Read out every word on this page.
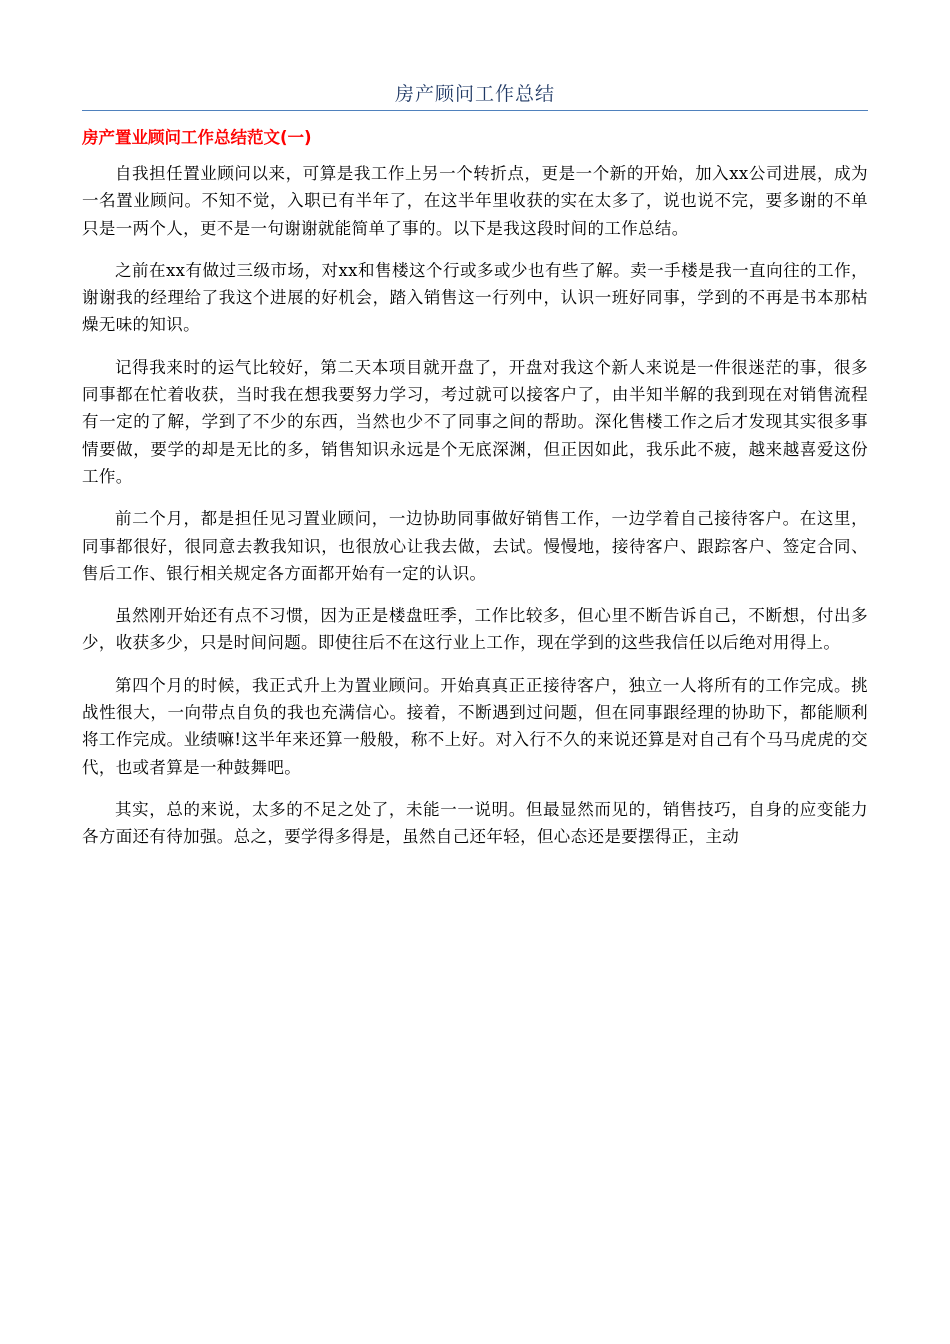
房产顾问工作总结
房产置业顾问工作总结范文(一)

自我担任置业顾问以来，可算是我工作上另一个转折点，更是一个新的开始，加入xx公司进展，成为一名置业顾问。不知不觉，入职已有半年了，在这半年里收获的实在太多了，说也说不完，要多谢的不单只是一两个人，更不是一句谢谢就能简单了事的。以下是我这段时间的工作总结。

之前在xx有做过三级市场，对xx和售楼这个行或多或少也有些了解。卖一手楼是我一直向往的工作，谢谢我的经理给了我这个进展的好机会，踏入销售这一行列中，认识一班好同事，学到的不再是书本那枯燥无味的知识。

记得我来时的运气比较好，第二天本项目就开盘了，开盘对我这个新人来说是一件很迷茫的事，很多同事都在忙着收获，当时我在想我要努力学习，考过就可以接客户了，由半知半解的我到现在对销售流程有一定的了解，学到了不少的东西，当然也少不了同事之间的帮助。深化售楼工作之后才发现其实很多事情要做，要学的却是无比的多，销售知识永远是个无底深渊，但正因如此，我乐此不疲，越来越喜爱这份工作。

前二个月，都是担任见习置业顾问，一边协助同事做好销售工作，一边学着自己接待客户。在这里，同事都很好，很同意去教我知识，也很放心让我去做，去试。慢慢地，接待客户、跟踪客户、签定合同、售后工作、银行相关规定各方面都开始有一定的认识。

虽然刚开始还有点不习惯，因为正是楼盘旺季，工作比较多，但心里不断告诉自己，不断想，付出多少，收获多少，只是时间问题。即使往后不在这行业上工作，现在学到的这些我信任以后绝对用得上。

第四个月的时候，我正式升上为置业顾问。开始真真正正接待客户，独立一人将所有的工作完成。挑战性很大，一向带点自负的我也充满信心。接着，不断遇到过问题，但在同事跟经理的协助下，都能顺利将工作完成。业绩嘛!这半年来还算一般般，称不上好。对入行不久的来说还算是对自己有个马马虎虎的交代，也或者算是一种鼓舞吧。

其实，总的来说，太多的不足之处了，未能一一说明。但最显然而见的，销售技巧，自身的应变能力各方面还有待加强。总之，要学得多得是，虽然自己还年轻，但心态还是要摆得正，主动
